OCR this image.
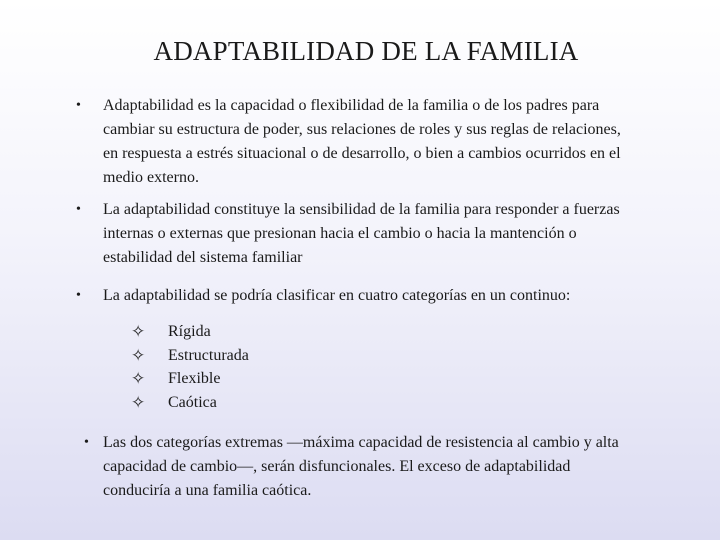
ADAPTABILIDAD DE LA FAMILIA
• Adaptabilidad es la capacidad o flexibilidad de la familia o de los padres para cambiar su estructura de poder, sus relaciones de roles y sus reglas de relaciones, en respuesta a estrés situacional o de desarrollo, o bien a cambios ocurridos en el medio externo.
• La adaptabilidad constituye la sensibilidad de la familia para responder a fuerzas internas o externas que presionan hacia el cambio o hacia la mantención o estabilidad del sistema familiar
• La adaptabilidad se podría clasificar en cuatro categorías en un continuo:
✧ Rígida
✧ Estructurada
✧ Flexible
✧ Caótica
• Las dos categorías extremas —máxima capacidad de resistencia al cambio y alta capacidad de cambio—, serán disfuncionales. El exceso de adaptabilidad conduciría a una familia caótica.
